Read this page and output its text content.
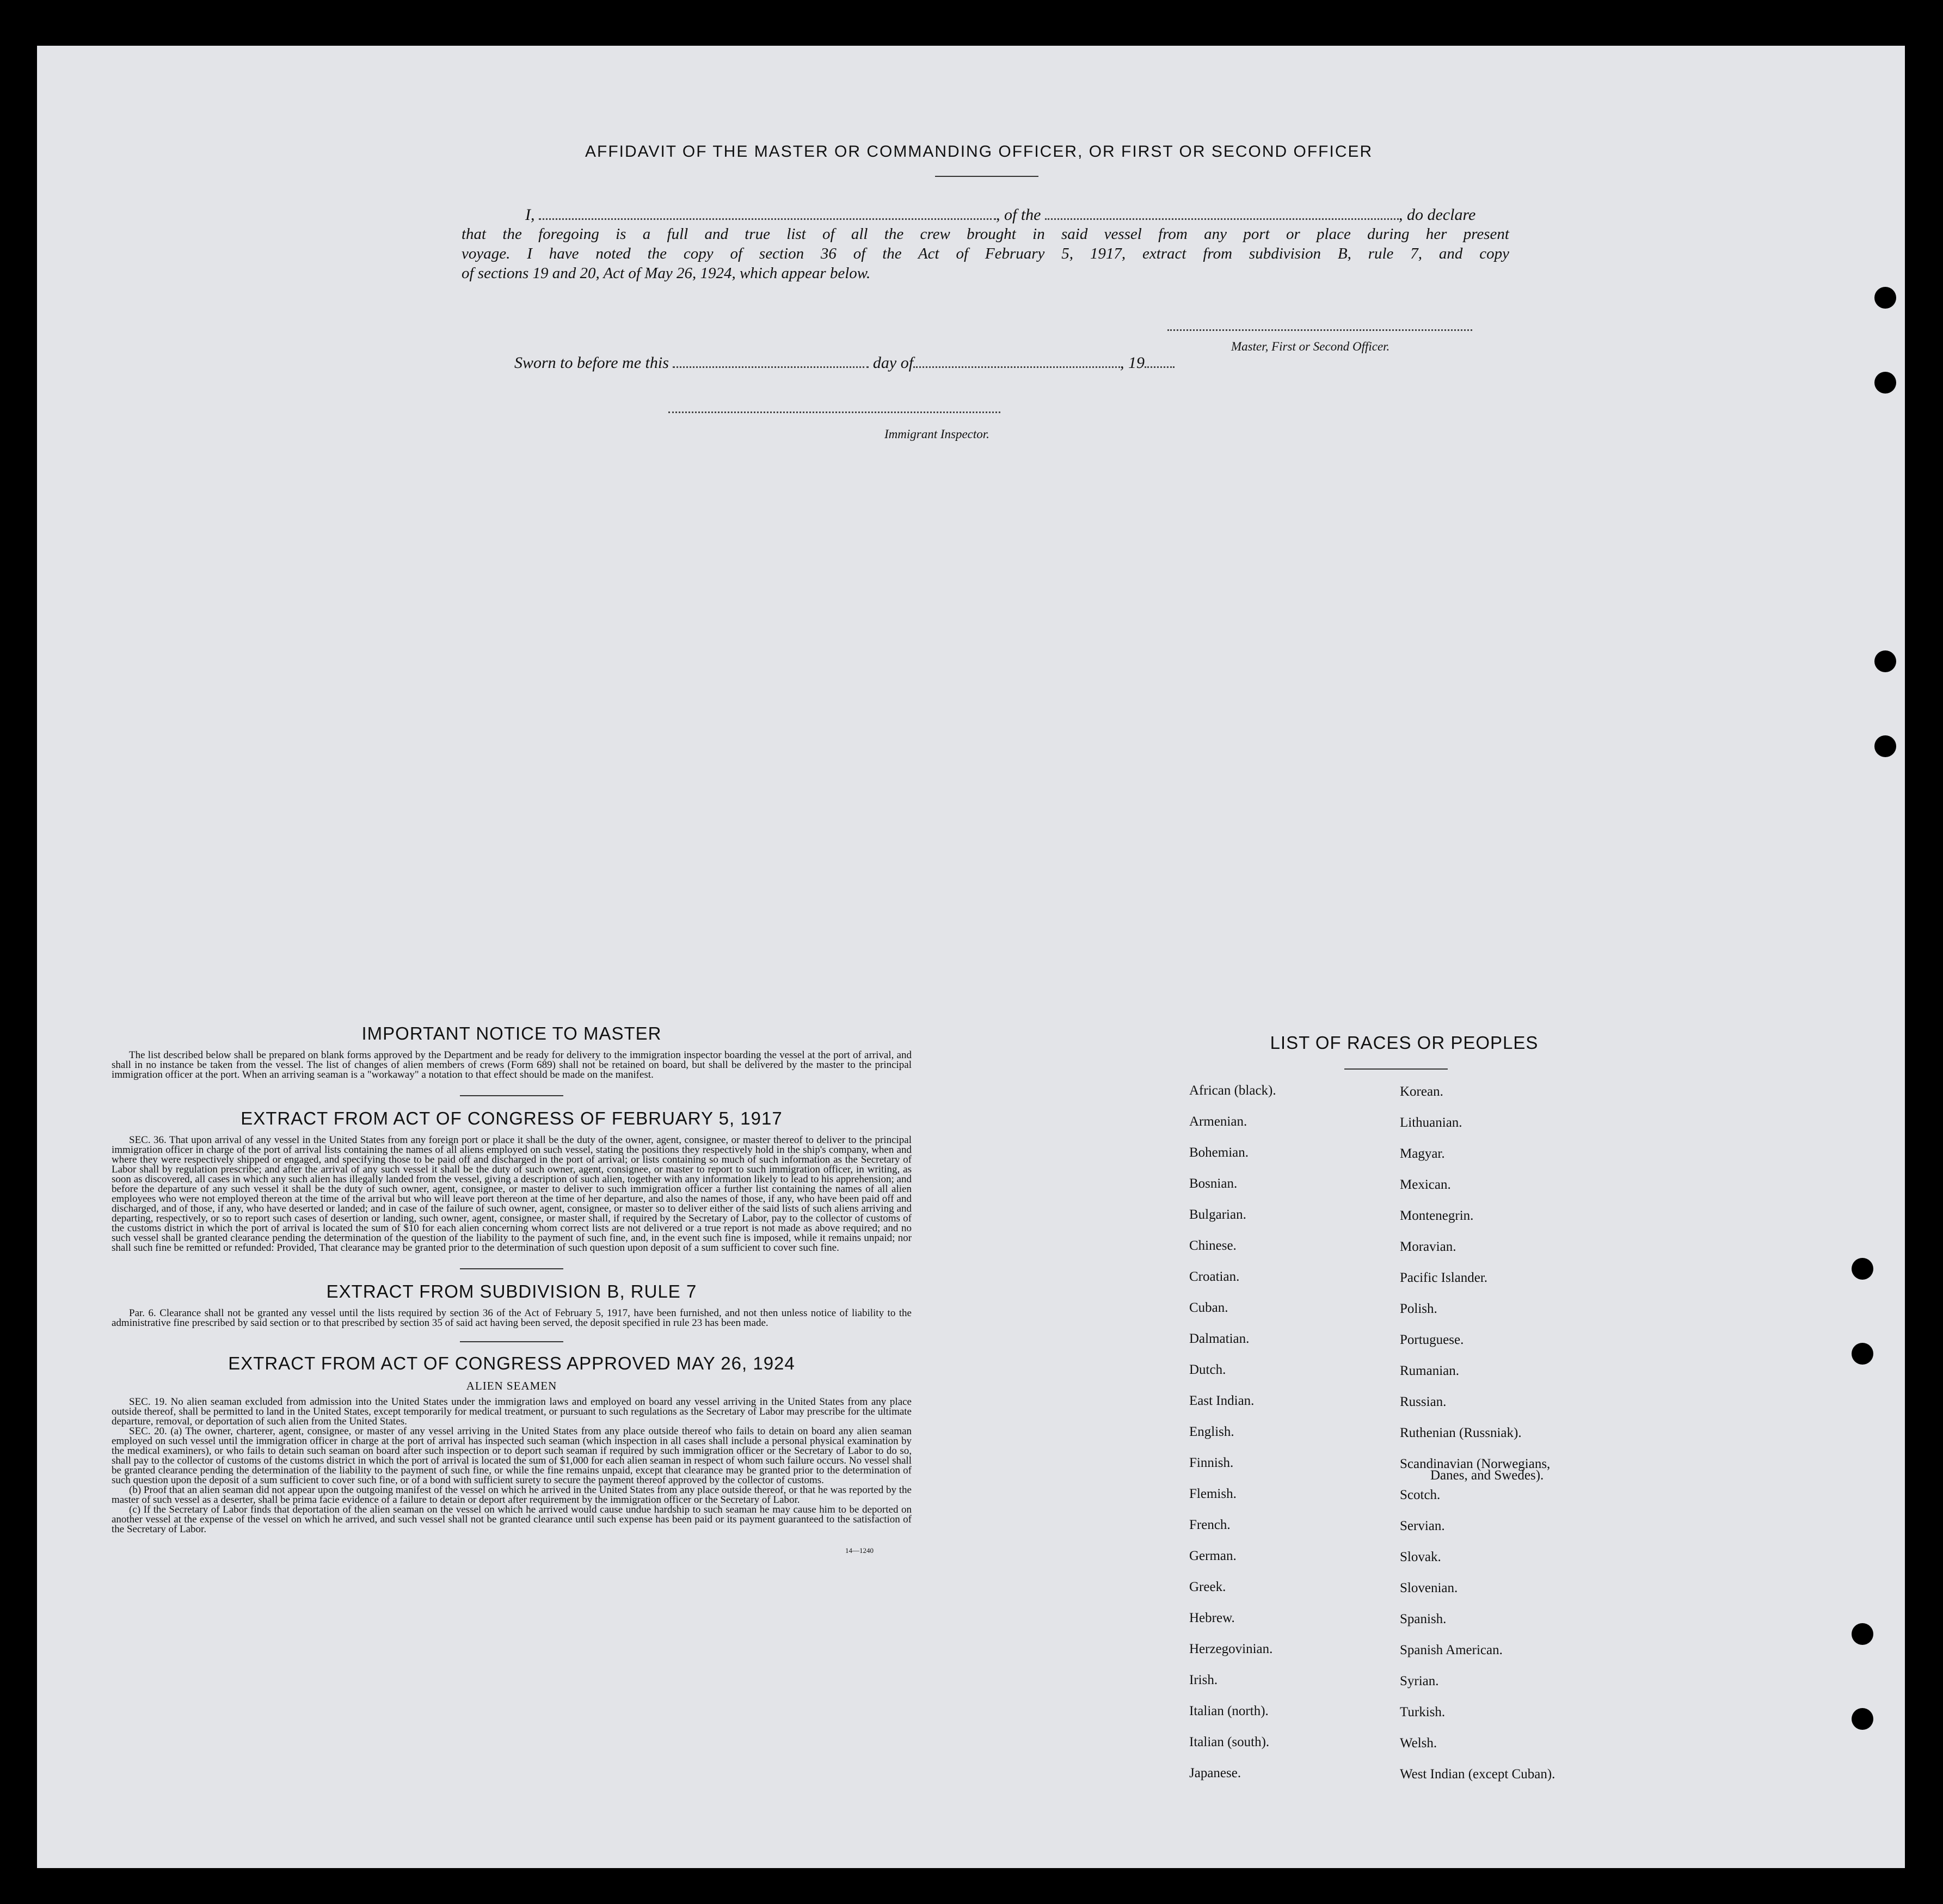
AFFIDAVIT OF THE MASTER OR COMMANDING OFFICER, OR FIRST OR SECOND OFFICER
I,	, of the	, do declare
that the foregoing is a full and true list of all the crew brought in said vessel from any port or place during her present
voyage. I have noted the copy of section 36 of the Act of February 5, 1917, extract from subdivision B, rule 7, and copy
of sections 19 and 20, Act of May 26, 1924, which appear below.
Master, First or Second Officer.
Sworn to before me this	day of	, 19
Immigrant Inspector.
IMPORTANT NOTICE TO MASTER
The list described below shall be prepared on blank forms approved by the Department and be ready for delivery to the immigration inspector boarding the vessel at the port of arrival, and shall in no instance be taken from the vessel. The list of changes of alien members of crews (Form 689) shall not be retained on board, but shall be delivered by the master to the principal immigration officer at the port. When an arriving seaman is a "workaway" a notation to that effect should be made on the manifest.
EXTRACT FROM ACT OF CONGRESS OF FEBRUARY 5, 1917
SEC. 36. That upon arrival of any vessel in the United States from any foreign port or place it shall be the duty of the owner, agent, consignee, or master thereof to deliver to the principal immigration officer in charge of the port of arrival lists containing the names of all aliens employed on such vessel, stating the positions they respectively hold in the ship's company, when and where they were respectively shipped or engaged, and specifying those to be paid off and discharged in the port of arrival; or lists containing so much of such information as the Secretary of Labor shall by regulation prescribe; and after the arrival of any such vessel it shall be the duty of such owner, agent, consignee, or master to report to such immigration officer, in writing, as soon as discovered, all cases in which any such alien has illegally landed from the vessel, giving a description of such alien, together with any information likely to lead to his apprehension; and before the departure of any such vessel it shall be the duty of such owner, agent, consignee, or master to deliver to such immigration officer a further list containing the names of all alien employees who were not employed thereon at the time of the arrival but who will leave port thereon at the time of her departure, and also the names of those, if any, who have been paid off and discharged, and of those, if any, who have deserted or landed; and in case of the failure of such owner, agent, consignee, or master so to deliver either of the said lists of such aliens arriving and departing, respectively, or so to report such cases of desertion or landing, such owner, agent, consignee, or master shall, if required by the Secretary of Labor, pay to the collector of customs of the customs district in which the port of arrival is located the sum of $10 for each alien concerning whom correct lists are not delivered or a true report is not made as above required; and no such vessel shall be granted clearance pending the determination of the question of the liability to the payment of such fine, and, in the event such fine is imposed, while it remains unpaid; nor shall such fine be remitted or refunded: Provided, That clearance may be granted prior to the determination of such question upon deposit of a sum sufficient to cover such fine.
EXTRACT FROM SUBDIVISION B, RULE 7
Par. 6. Clearance shall not be granted any vessel until the lists required by section 36 of the Act of February 5, 1917, have been furnished, and not then unless notice of liability to the administrative fine prescribed by said section or to that prescribed by section 35 of said act having been served, the deposit specified in rule 23 has been made.
EXTRACT FROM ACT OF CONGRESS APPROVED MAY 26, 1924
ALIEN SEAMEN
SEC. 19. No alien seaman excluded from admission into the United States under the immigration laws and employed on board any vessel arriving in the United States from any place outside thereof, shall be permitted to land in the United States, except temporarily for medical treatment, or pursuant to such regulations as the Secretary of Labor may prescribe for the ultimate departure, removal, or deportation of such alien from the United States.
SEC. 20. (a) The owner, charterer, agent, consignee, or master of any vessel arriving in the United States from any place outside thereof who fails to detain on board any alien seaman employed on such vessel until the immigration officer in charge at the port of arrival has inspected such seaman (which inspection in all cases shall include a personal physical examination by the medical examiners), or who fails to detain such seaman on board after such inspection or to deport such seaman if required by such immigration officer or the Secretary of Labor to do so, shall pay to the collector of customs of the customs district in which the port of arrival is located the sum of $1,000 for each alien seaman in respect of whom such failure occurs. No vessel shall be granted clearance pending the determination of the liability to the payment of such fine, or while the fine remains unpaid, except that clearance may be granted prior to the determination of such question upon the deposit of a sum sufficient to cover such fine, or of a bond with sufficient surety to secure the payment thereof approved by the collector of customs.
(b) Proof that an alien seaman did not appear upon the outgoing manifest of the vessel on which he arrived in the United States from any place outside thereof, or that he was reported by the master of such vessel as a deserter, shall be prima facie evidence of a failure to detain or deport after requirement by the immigration officer or the Secretary of Labor.
(c) If the Secretary of Labor finds that deportation of the alien seaman on the vessel on which he arrived would cause undue hardship to such seaman he may cause him to be deported on another vessel at the expense of the vessel on which he arrived, and such vessel shall not be granted clearance until such expense has been paid or its payment guaranteed to the satisfaction of the Secretary of Labor.
14—1240
LIST OF RACES OR PEOPLES
African (black).
Armenian.
Bohemian.
Bosnian.
Bulgarian.
Chinese.
Croatian.
Cuban.
Dalmatian.
Dutch.
East Indian.
English.
Finnish.
Flemish.
French.
German.
Greek.
Hebrew.
Herzegovinian.
Irish.
Italian (north).
Italian (south).
Japanese.
Korean.
Lithuanian.
Magyar.
Mexican.
Montenegrin.
Moravian.
Pacific Islander.
Polish.
Portuguese.
Rumanian.
Russian.
Ruthenian (Russniak).
Scandinavian (Norwegians,
Scotch.
Servian.
Slovak.
Slovenian.
Spanish.
Spanish American.
Syrian.
Turkish.
Welsh.
West Indian (except Cuban).
Danes, and Swedes).
